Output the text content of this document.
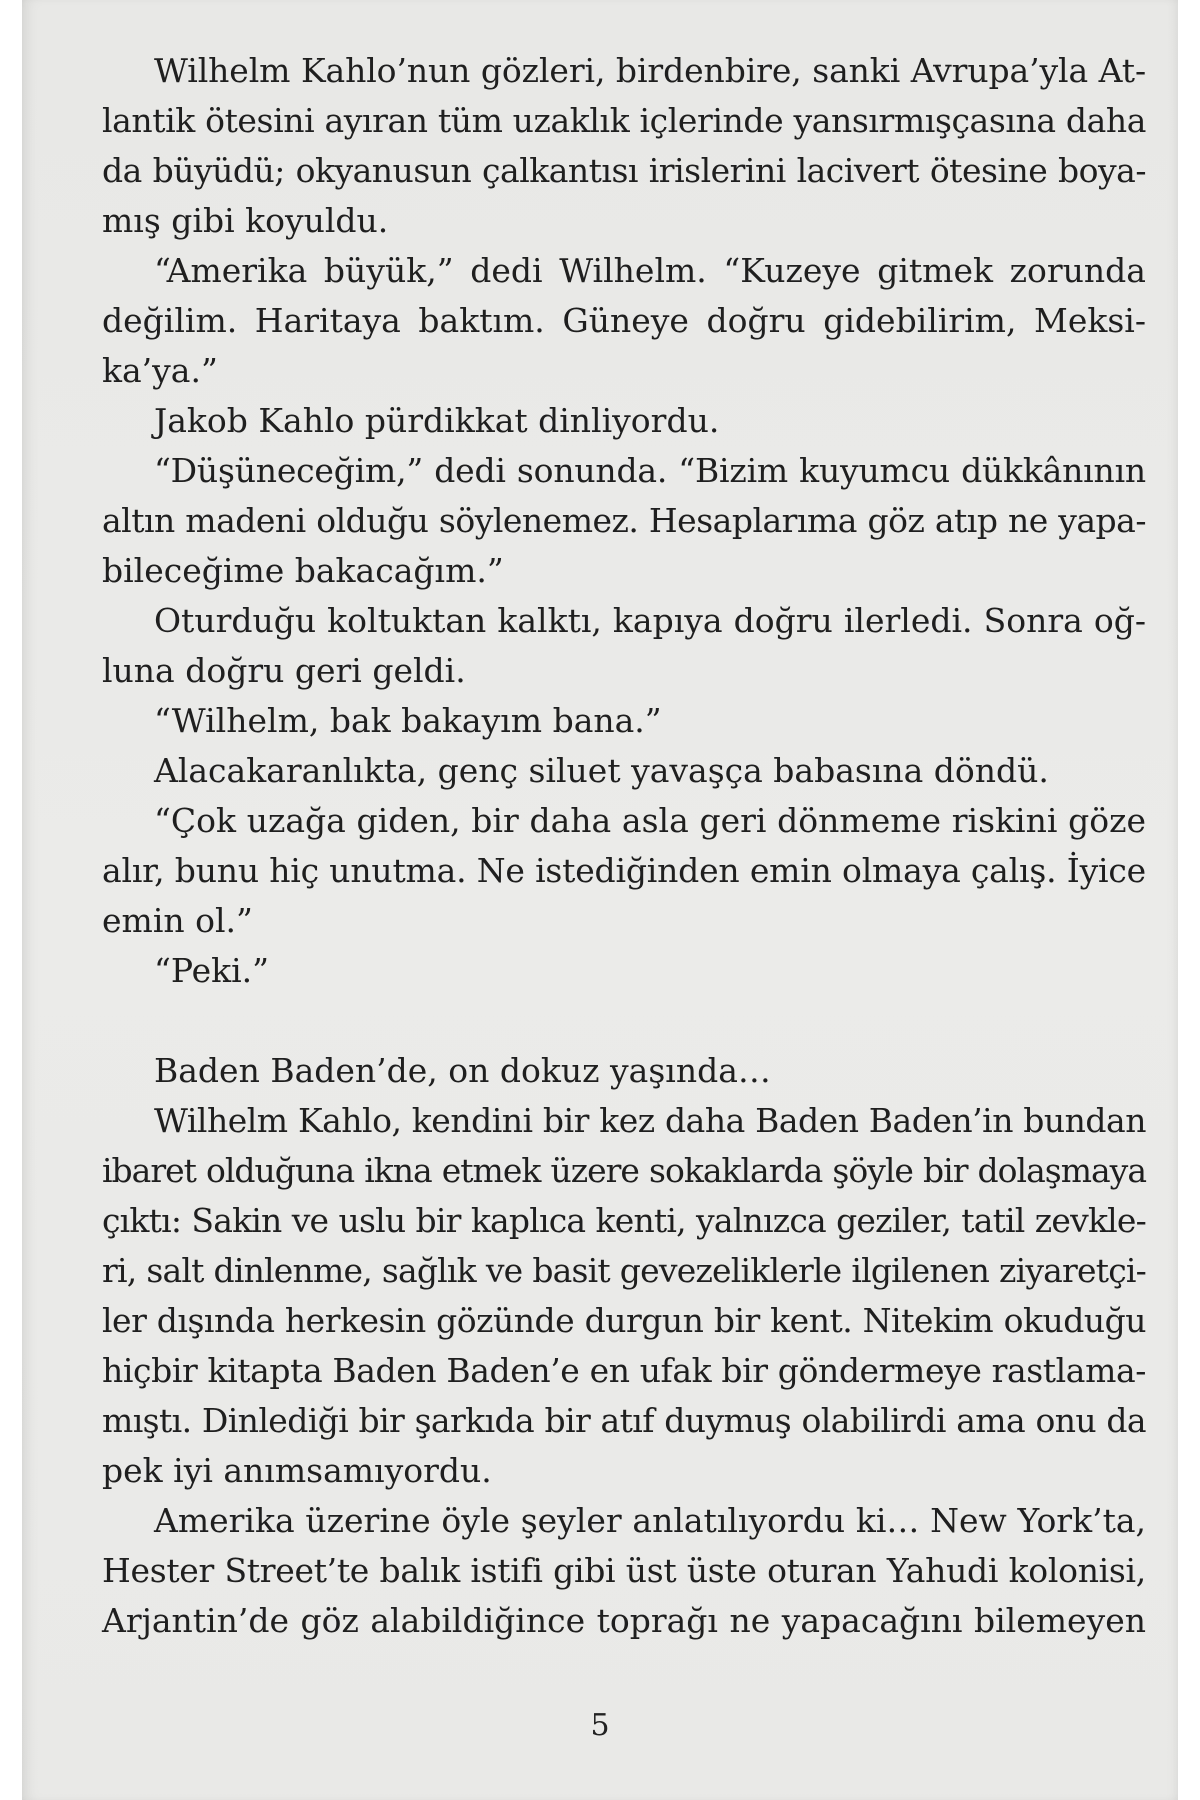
Wilhelm Kahlo’nun gözleri, birdenbire, sanki Avrupa’yla At-
lantik ötesini ayıran tüm uzaklık içlerinde yansırmışçasına daha
da büyüdü; okyanusun çalkantısı irislerini lacivert ötesine boya-
mış gibi koyuldu.
“Amerika büyük,” dedi Wilhelm. “Kuzeye gitmek zorunda
değilim. Haritaya baktım. Güneye doğru gidebilirim, Meksi-
ka’ya.”
Jakob Kahlo pürdikkat dinliyordu.
“Düşüneceğim,” dedi sonunda. “Bizim kuyumcu dükkânının
altın madeni olduğu söylenemez. Hesaplarıma göz atıp ne yapa-
bileceğime bakacağım.”
Oturduğu koltuktan kalktı, kapıya doğru ilerledi. Sonra oğ-
luna doğru geri geldi.
“Wilhelm, bak bakayım bana.”
Alacakaranlıkta, genç siluet yavaşça babasına döndü.
“Çok uzağa giden, bir daha asla geri dönmeme riskini göze
alır, bunu hiç unutma. Ne istediğinden emin olmaya çalış. İyice
emin ol.”
“Peki.”
Baden Baden’de, on dokuz yaşında…
Wilhelm Kahlo, kendini bir kez daha Baden Baden’in bundan
ibaret olduğuna ikna etmek üzere sokaklarda şöyle bir dolaşmaya
çıktı: Sakin ve uslu bir kaplıca kenti, yalnızca geziler, tatil zevkle-
ri, salt dinlenme, sağlık ve basit gevezeliklerle ilgilenen ziyaretçi-
ler dışında herkesin gözünde durgun bir kent. Nitekim okuduğu
hiçbir kitapta Baden Baden’e en ufak bir göndermeye rastlama-
mıştı. Dinlediği bir şarkıda bir atıf duymuş olabilirdi ama onu da
pek iyi anımsamıyordu.
Amerika üzerine öyle şeyler anlatılıyordu ki… New York’ta,
Hester Street’te balık istifi gibi üst üste oturan Yahudi kolonisi,
Arjantin’de göz alabildiğince toprağı ne yapacağını bilemeyen
5
